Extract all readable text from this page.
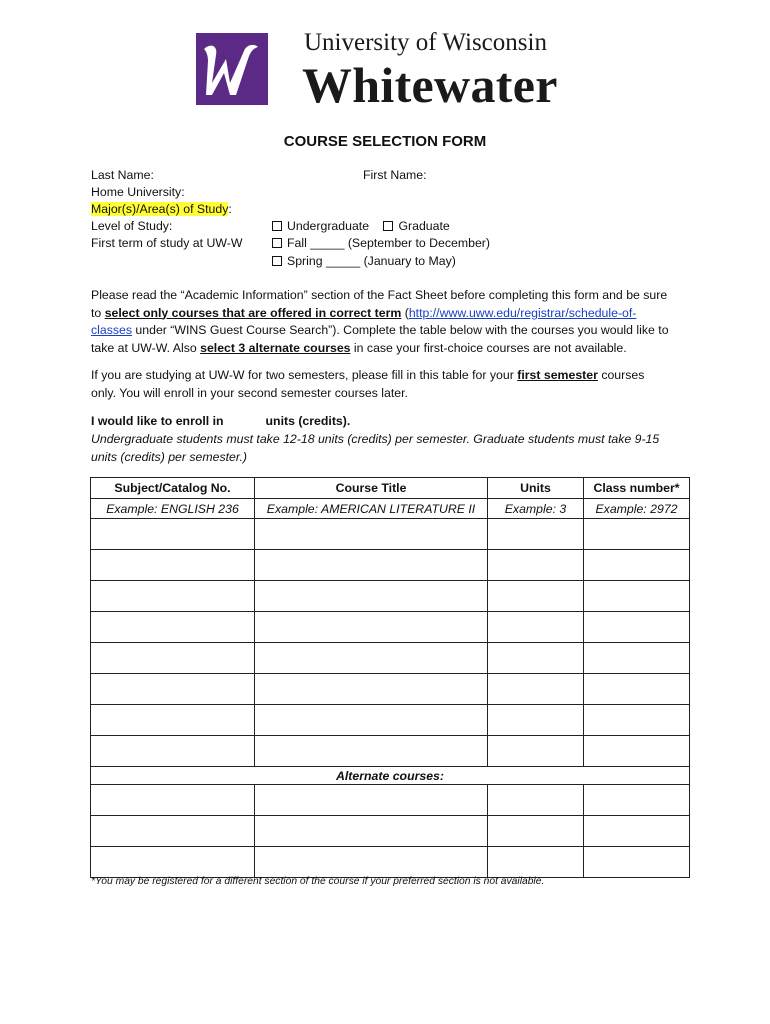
University of Wisconsin
Whitewater
COURSE SELECTION FORM
Last Name:	First Name:
Home University:
Major(s)/Area(s) of Study:
Level of Study:
First term of study at UW-W
Undergraduate Graduate
Fall _____ (September to December)
Spring _____ (January to May)
Please read the “Academic Information” section of the Fact Sheet before completing this form and be sure to select only courses that are offered in correct term (http://www.uww.edu/registrar/schedule-of-classes under “WINS Guest Course Search”). Complete the table below with the courses you would like to take at UW-W. Also select 3 alternate courses in case your first-choice courses are not available.
If you are studying at UW-W for two semesters, please fill in this table for your first semester courses only. You will enroll in your second semester courses later.
I would like to enroll in	units (credits).
Undergraduate students must take 12-18 units (credits) per semester. Graduate students must take 9-15 units (credits) per semester.)
Subject/Catalog No.	Course Title	Units	Class number*
Example: ENGLISH 236	Example: AMERICAN LITERATURE II	Example: 3	Example: 2972

Alternate courses:			

*You may be registered for a different section of the course if your preferred section is not available.
